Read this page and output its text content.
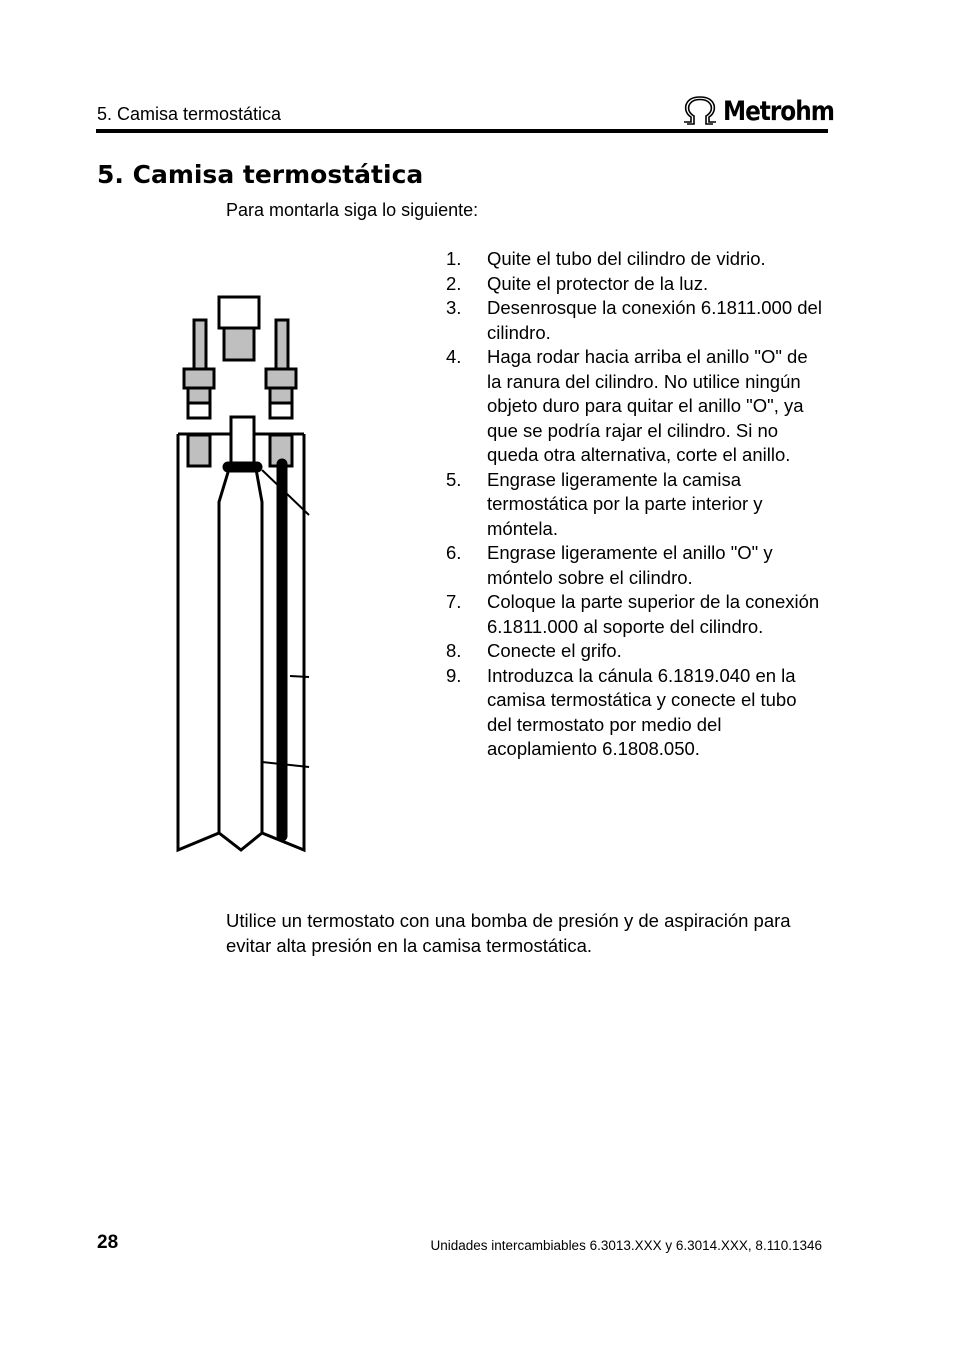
5. Camisa termostática	Metrohm
5. Camisa termostática
Para montarla siga lo siguiente:
1.	Quite el tubo del cilindro de vidrio.
2.	Quite el protector de la luz.
3.	Desenrosque la conexión 6.1811.000 del cilindro.
4.	Haga rodar hacia arriba el anillo "O" de la ranura del cilindro. No utilice ningún objeto duro para quitar el anillo "O", ya que se podría rajar el cilindro. Si no queda otra alternativa, corte el anillo.
5.	Engrase ligeramente la camisa termostática por la parte interior y móntela.
6.	Engrase ligeramente el anillo "O" y móntelo sobre el cilindro.
7.	Coloque la parte superior de la conexión 6.1811.000 al soporte del cilindro.
8.	Conecte el grifo.
9.	Introduzca la cánula 6.1819.040 en la camisa termostática y conecte el tubo del termostato por medio del acoplamiento 6.1808.050.
Utilice un termostato con una bomba de presión y de aspiración para evitar alta presión en la camisa termostática.
28	Unidades intercambiables 6.3013.XXX y 6.3014.XXX, 8.110.1346
